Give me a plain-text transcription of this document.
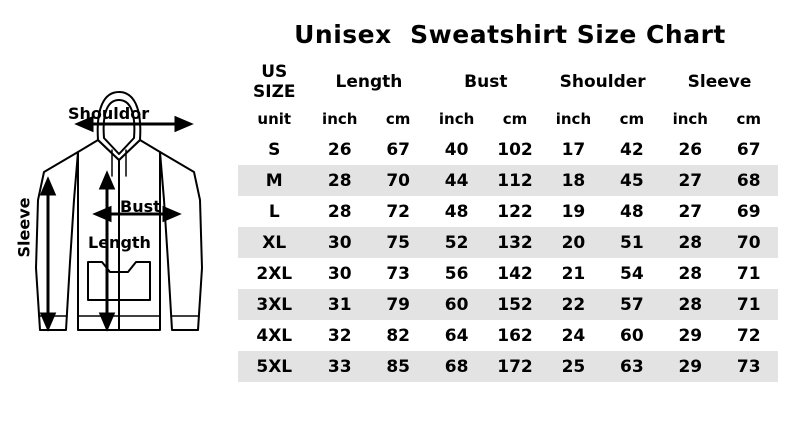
Unisex  Sweatshirt Size Chart
Shouldor
Bust
Length
Sleeve
US SIZE	Length		Bust		Shoulder		Sleeve	
unit	inch	cm	inch	cm	inch	cm	inch	cm
S	26	67	40	102	17	42	26	67
M	28	70	44	112	18	45	27	68
L	28	72	48	122	19	48	27	69
XL	30	75	52	132	20	51	28	70
2XL	30	73	56	142	21	54	28	71
3XL	31	79	60	152	22	57	28	71
4XL	32	82	64	162	24	60	29	72
5XL	33	85	68	172	25	63	29	73
